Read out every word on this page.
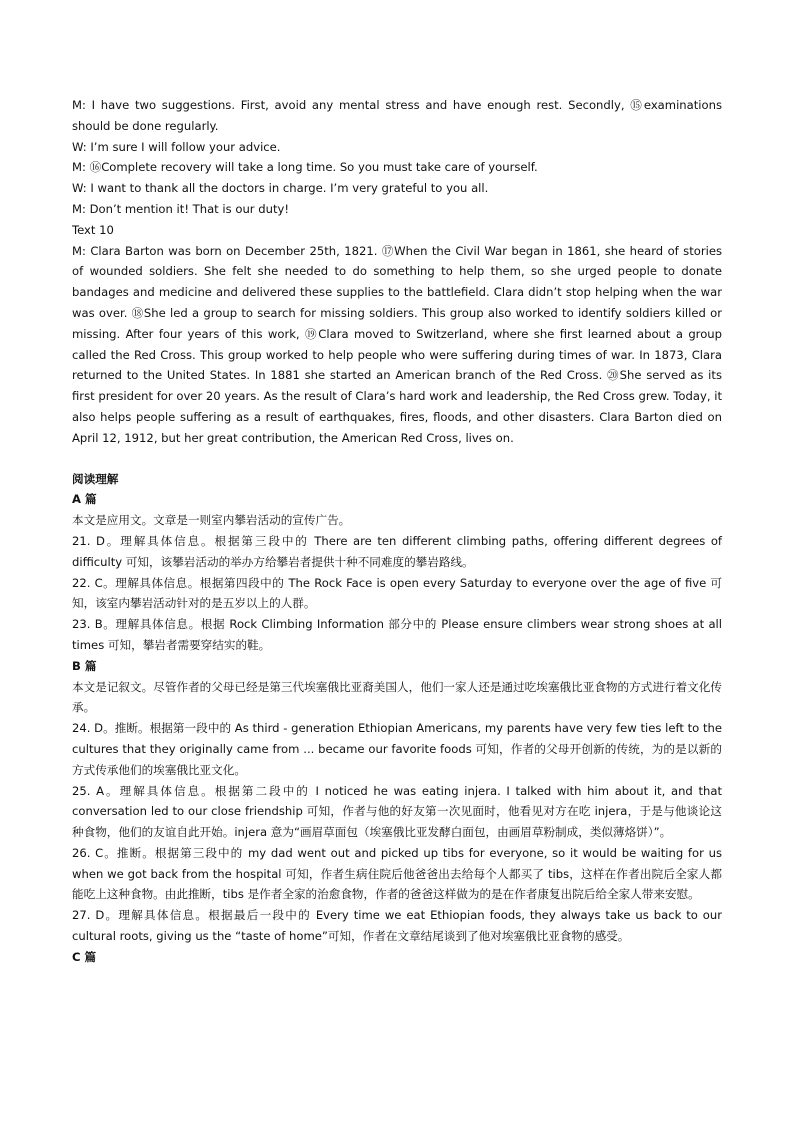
M: I have two suggestions. First, avoid any mental stress and have enough rest. Secondly, ⑮examinations should be done regularly.

W: I’m sure I will follow your advice.

M: ⑯Complete recovery will take a long time. So you must take care of yourself.

W: I want to thank all the doctors in charge. I’m very grateful to you all.

M: Don’t mention it! That is our duty!

Text 10

M: Clara Barton was born on December 25th, 1821. ⑰When the Civil War began in 1861, she heard of stories of wounded soldiers. She felt she needed to do something to help them, so she urged people to donate bandages and medicine and delivered these supplies to the battlefield. Clara didn’t stop helping when the war was over. ⑱She led a group to search for missing soldiers. This group also worked to identify soldiers killed or missing. After four years of this work, ⑲Clara moved to Switzerland, where she first learned about a group called the Red Cross. This group worked to help people who were suffering during times of war. In 1873, Clara returned to the United States. In 1881 she started an American branch of the Red Cross. ⑳She served as its first president for over 20 years. As the result of Clara’s hard work and leadership, the Red Cross grew. Today, it also helps people suffering as a result of earthquakes, fires, floods, and other disasters. Clara Barton died on April 12, 1912, but her great contribution, the American Red Cross, lives on.

阅读理解

A 篇

本文是应用文。文章是一则室内攀岩活动的宣传广告。

21. D。理解具体信息。根据第三段中的 There are ten different climbing paths, offering different degrees of difficulty 可知，该攀岩活动的举办方给攀岩者提供十种不同难度的攀岩路线。

22. C。理解具体信息。根据第四段中的 The Rock Face is open every Saturday to everyone over the age of five 可知，该室内攀岩活动针对的是五岁以上的人群。

23. B。理解具体信息。根据 Rock Climbing Information 部分中的 Please ensure climbers wear strong shoes at all times 可知，攀岩者需要穿结实的鞋。

B 篇

本文是记叙文。尽管作者的父母已经是第三代埃塞俄比亚裔美国人，他们一家人还是通过吃埃塞俄比亚食物的方式进行着文化传承。

24. D。推断。根据第一段中的 As third - generation Ethiopian Americans, my parents have very few ties left to the cultures that they originally came from ... became our favorite foods 可知，作者的父母开创新的传统，为的是以新的方式传承他们的埃塞俄比亚文化。

25. A。理解具体信息。根据第二段中的 I noticed he was eating injera. I talked with him about it, and that conversation led to our close friendship 可知，作者与他的好友第一次见面时，他看见对方在吃 injera，于是与他谈论这种食物，他们的友谊自此开始。injera 意为“画眉草面包（埃塞俄比亚发酵白面包，由画眉草粉制成，类似薄烙饼）”。

26. C。推断。根据第三段中的 my dad went out and picked up tibs for everyone, so it would be waiting for us when we got back from the hospital 可知，作者生病住院后他爸爸出去给每个人都买了 tibs，这样在作者出院后全家人都能吃上这种食物。由此推断，tibs 是作者全家的治愈食物，作者的爸爸这样做为的是在作者康复出院后给全家人带来安慰。

27. D。理解具体信息。根据最后一段中的 Every time we eat Ethiopian foods, they always take us back to our cultural roots, giving us the “taste of home”可知，作者在文章结尾谈到了他对埃塞俄比亚食物的感受。

C 篇
